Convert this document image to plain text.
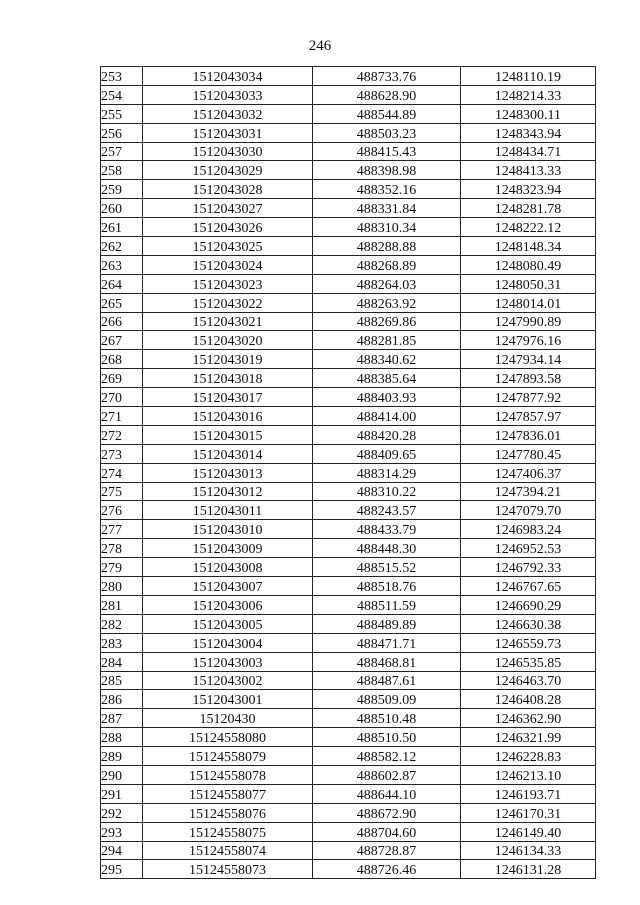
246
253	1512043034	488733.76	1248110.19
254	1512043033	488628.90	1248214.33
255	1512043032	488544.89	1248300.11
256	1512043031	488503.23	1248343.94
257	1512043030	488415.43	1248434.71
258	1512043029	488398.98	1248413.33
259	1512043028	488352.16	1248323.94
260	1512043027	488331.84	1248281.78
261	1512043026	488310.34	1248222.12
262	1512043025	488288.88	1248148.34
263	1512043024	488268.89	1248080.49
264	1512043023	488264.03	1248050.31
265	1512043022	488263.92	1248014.01
266	1512043021	488269.86	1247990.89
267	1512043020	488281.85	1247976.16
268	1512043019	488340.62	1247934.14
269	1512043018	488385.64	1247893.58
270	1512043017	488403.93	1247877.92
271	1512043016	488414.00	1247857.97
272	1512043015	488420.28	1247836.01
273	1512043014	488409.65	1247780.45
274	1512043013	488314.29	1247406.37
275	1512043012	488310.22	1247394.21
276	1512043011	488243.57	1247079.70
277	1512043010	488433.79	1246983.24
278	1512043009	488448.30	1246952.53
279	1512043008	488515.52	1246792.33
280	1512043007	488518.76	1246767.65
281	1512043006	488511.59	1246690.29
282	1512043005	488489.89	1246630.38
283	1512043004	488471.71	1246559.73
284	1512043003	488468.81	1246535.85
285	1512043002	488487.61	1246463.70
286	1512043001	488509.09	1246408.28
287	15120430	488510.48	1246362.90
288	15124558080	488510.50	1246321.99
289	15124558079	488582.12	1246228.83
290	15124558078	488602.87	1246213.10
291	15124558077	488644.10	1246193.71
292	15124558076	488672.90	1246170.31
293	15124558075	488704.60	1246149.40
294	15124558074	488728.87	1246134.33
295	15124558073	488726.46	1246131.28
